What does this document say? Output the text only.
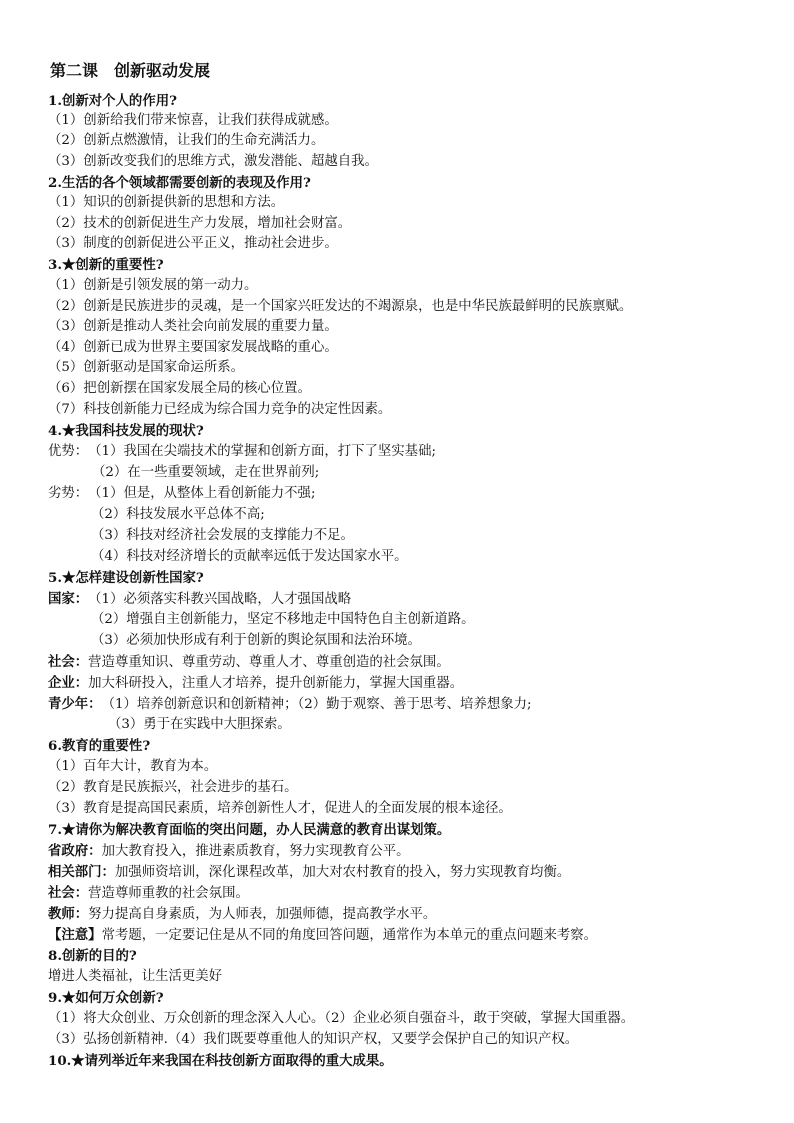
第二课　创新驱动发展
1.创新对个人的作用?
（1）创新给我们带来惊喜，让我们获得成就感。
（2）创新点燃激情，让我们的生命充满活力。
（3）创新改变我们的思维方式，激发潜能、超越自我。
2.生活的各个领域都需要创新的表现及作用?
（1）知识的创新提供新的思想和方法。
（2）技术的创新促进生产力发展，增加社会财富。
（3）制度的创新促进公平正义，推动社会进步。
3.★创新的重要性?
（1）创新是引领发展的第一动力。
（2）创新是民族进步的灵魂，是一个国家兴旺发达的不竭源泉，也是中华民族最鲜明的民族禀赋。
（3）创新是推动人类社会向前发展的重要力量。
（4）创新已成为世界主要国家发展战略的重心。
（5）创新驱动是国家命运所系。
（6）把创新摆在国家发展全局的核心位置。
（7）科技创新能力已经成为综合国力竞争的决定性因素。
4.★我国科技发展的现状?
优势：（1）我国在尖端技术的掌握和创新方面，打下了坚实基础;
（2）在一些重要领域，走在世界前列;
劣势：（1）但是，从整体上看创新能力不强;
（2）科技发展水平总体不高;
（3）科技对经济社会发展的支撑能力不足。
（4）科技对经济增长的贡献率远低于发达国家水平。
5.★怎样建设创新性国家?
国家：（1）必须落实科教兴国战略，人才强国战略
（2）增强自主创新能力，坚定不移地走中国特色自主创新道路。
（3）必须加快形成有利于创新的舆论氛围和法治环境。
社会：营造尊重知识、尊重劳动、尊重人才、尊重创造的社会氛围。
企业：加大科研投入，注重人才培养，提升创新能力，掌握大国重器。
青少年：（1）培养创新意识和创新精神；（2）勤于观察、善于思考、培养想象力;
（3）勇于在实践中大胆探索。
6.教育的重要性?
（1）百年大计，教育为本。
（2）教育是民族振兴，社会进步的基石。
（3）教育是提高国民素质，培养创新性人才，促进人的全面发展的根本途径。
7.★请你为解决教育面临的突出问题，办人民满意的教育出谋划策。
省政府：加大教育投入，推进素质教育，努力实现教育公平。
相关部门：加强师资培训，深化课程改革，加大对农村教育的投入，努力实现教育均衡。
社会：营造尊师重教的社会氛围。
教师：努力提高自身素质，为人师表，加强师德，提高教学水平。
【注意】常考题，一定要记住是从不同的角度回答问题，通常作为本单元的重点问题来考察。
8.创新的目的?
增进人类福祉，让生活更美好
9.★如何万众创新?
（1）将大众创业、万众创新的理念深入人心。（2）企业必须自强奋斗，敢于突破，掌握大国重器。
（3）弘扬创新精神.（4）我们既要尊重他人的知识产权，又要学会保护自己的知识产权。
10.★请列举近年来我国在科技创新方面取得的重大成果。
